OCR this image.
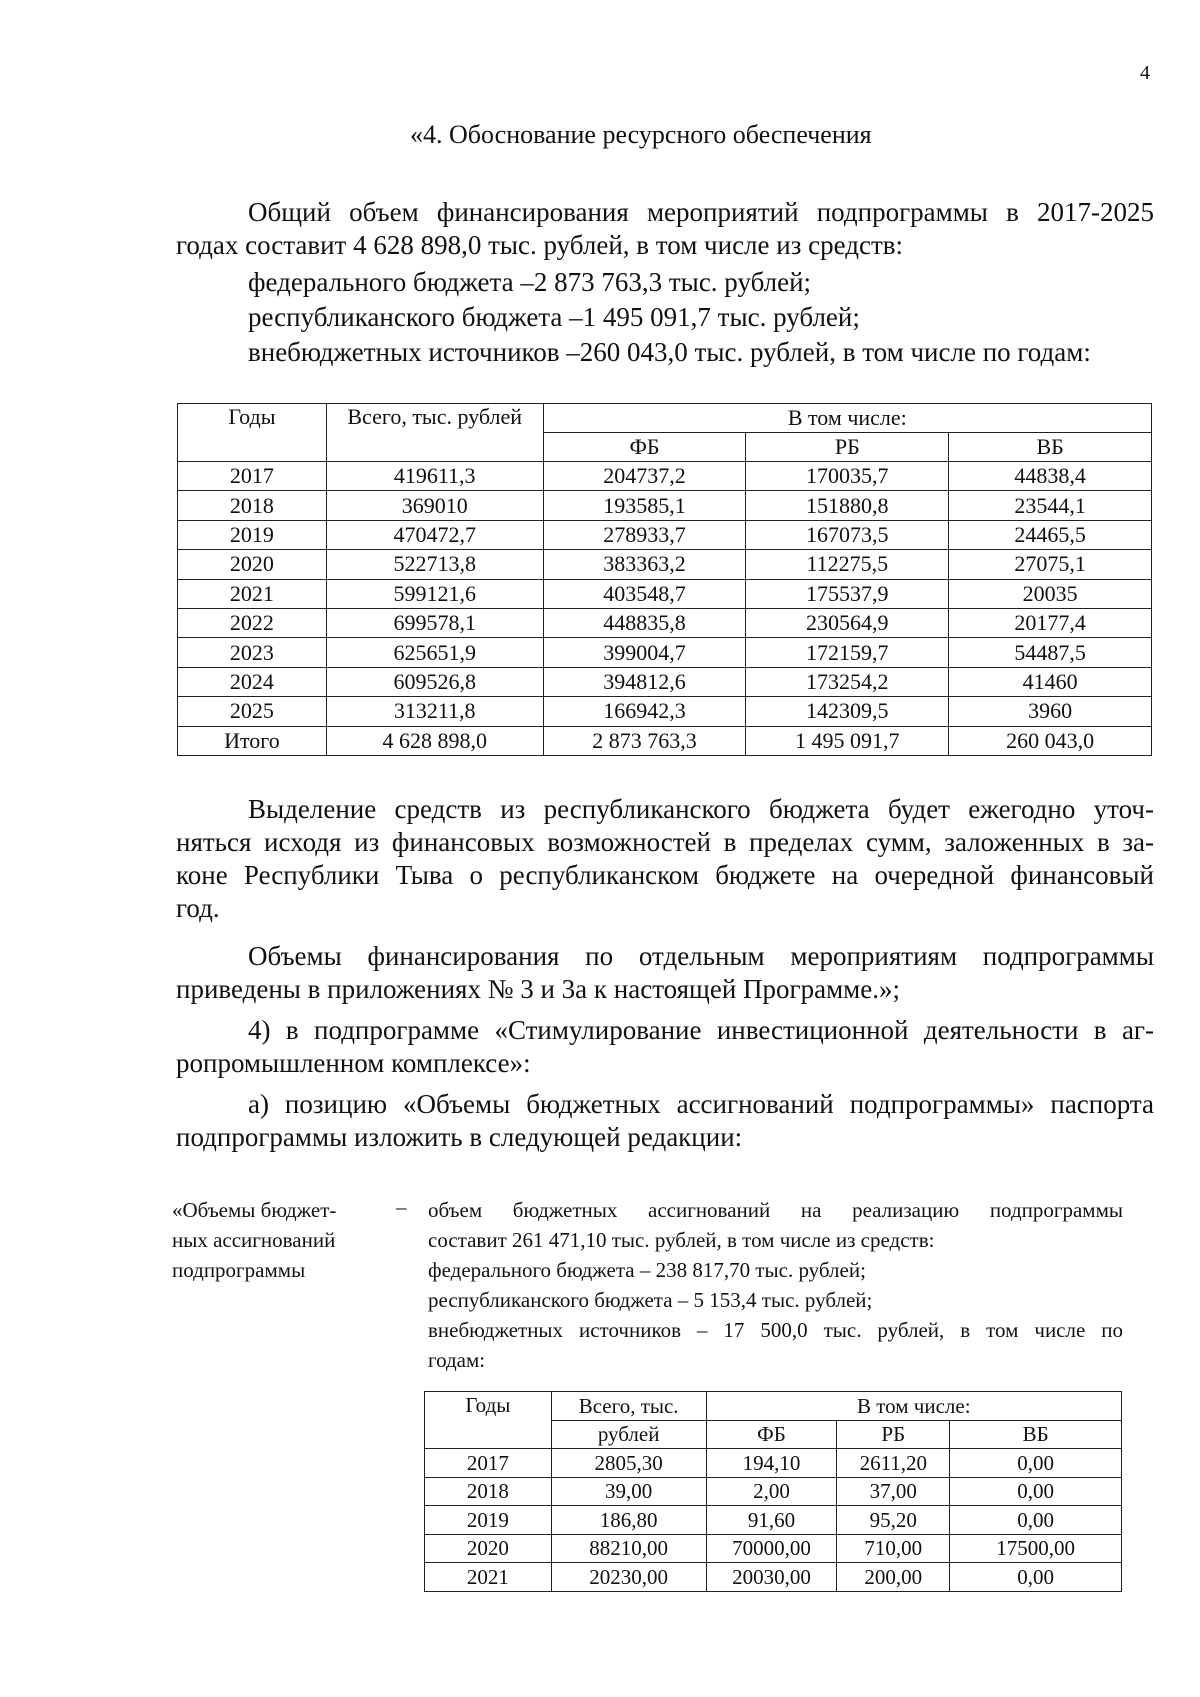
4
«4. Обоснование ресурсного обеспечения
Общий объем финансирования мероприятий подпрограммы в 2017-2025
годах составит 4 628 898,0 тыс. рублей, в том числе из средств:
федерального бюджета –2 873 763,3 тыс. рублей;
республиканского бюджета –1 495 091,7 тыс. рублей;
внебюджетных источников –260 043,0 тыс. рублей, в том числе по годам:
Годы	Всего, тыс. рублей	В том числе:		
		ФБ	РБ	ВБ
2017	419611,3	204737,2	170035,7	44838,4
2018	369010	193585,1	151880,8	23544,1
2019	470472,7	278933,7	167073,5	24465,5
2020	522713,8	383363,2	112275,5	27075,1
2021	599121,6	403548,7	175537,9	20035
2022	699578,1	448835,8	230564,9	20177,4
2023	625651,9	399004,7	172159,7	54487,5
2024	609526,8	394812,6	173254,2	41460
2025	313211,8	166942,3	142309,5	3960
Итого	4 628 898,0	2 873 763,3	1 495 091,7	260 043,0
Выделение средств из республиканского бюджета будет ежегодно уточ-
няться исходя из финансовых возможностей в пределах сумм, заложенных в за-
коне Республики Тыва о республиканском бюджете на очередной финансовый
год.
Объемы финансирования по отдельным мероприятиям подпрограммы
приведены в приложениях № 3 и 3а к настоящей Программе.»;
4) в подпрограмме «Стимулирование инвестиционной деятельности в аг-
ропромышленном комплексе»:
а) позицию «Объемы бюджетных ассигнований подпрограммы» паспорта
подпрограммы изложить в следующей редакции:
«Объемы бюджет-
ных ассигнований
подпрограммы
– объем бюджетных ассигнований на реализацию подпрограммы
составит 261 471,10 тыс. рублей, в том числе из средств:
федерального бюджета – 238 817,70 тыс. рублей;
республиканского бюджета – 5 153,4 тыс. рублей;
внебюджетных источников – 17 500,0 тыс. рублей, в том числе по
годам:
Годы	Всего, тыс.	В том числе:		
	рублей	ФБ	РБ	ВБ
2017	2805,30	194,10	2611,20	0,00
2018	39,00	2,00	37,00	0,00
2019	186,80	91,60	95,20	0,00
2020	88210,00	70000,00	710,00	17500,00
2021	20230,00	20030,00	200,00	0,00
